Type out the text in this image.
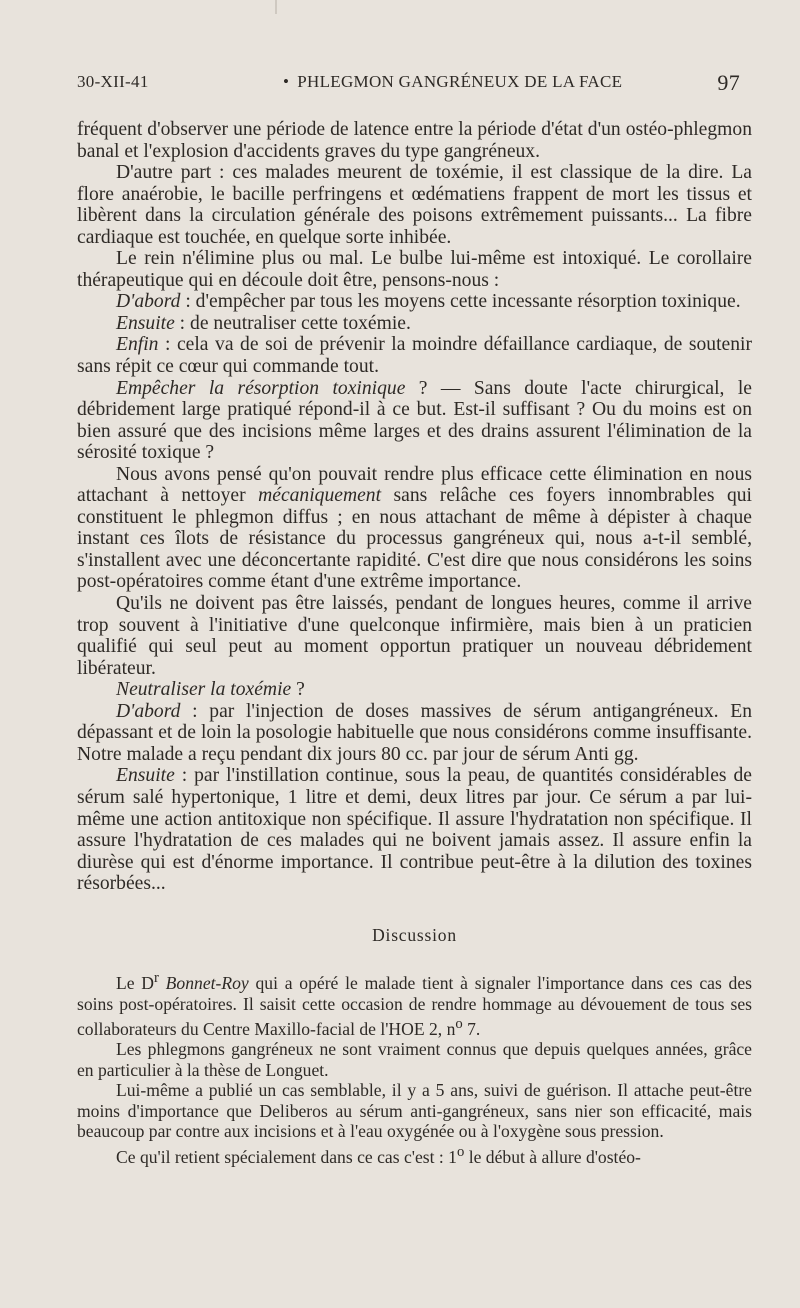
30-XII-41	• PHLEGMON GANGRÉNEUX DE LA FACE	97

fréquent d'observer une période de latence entre la période d'état d'un ostéo-phlegmon banal et l'explosion d'accidents graves du type gangréneux.

D'autre part : ces malades meurent de toxémie, il est classique de la dire. La flore anaérobie, le bacille perfringens et œdématiens frappent de mort les tissus et libèrent dans la circulation générale des poisons extrêmement puissants... La fibre cardiaque est touchée, en quelque sorte inhibée.

Le rein n'élimine plus ou mal. Le bulbe lui-même est intoxiqué. Le corollaire thérapeutique qui en découle doit être, pensons-nous :

D'abord : d'empêcher par tous les moyens cette incessante résorption toxinique.

Ensuite : de neutraliser cette toxémie.

Enfin : cela va de soi de prévenir la moindre défaillance cardiaque, de soutenir sans répit ce cœur qui commande tout.

Empêcher la résorption toxinique ? — Sans doute l'acte chirurgical, le débridement large pratiqué répond-il à ce but. Est-il suffisant ? Ou du moins est on bien assuré que des incisions même larges et des drains assurent l'élimination de la sérosité toxique ?

Nous avons pensé qu'on pouvait rendre plus efficace cette élimination en nous attachant à nettoyer mécaniquement sans relâche ces foyers innombrables qui constituent le phlegmon diffus ; en nous attachant de même à dépister à chaque instant ces îlots de résistance du processus gangréneux qui, nous a-t-il semblé, s'installent avec une déconcertante rapidité. C'est dire que nous considérons les soins post-opératoires comme étant d'une extrême importance.

Qu'ils ne doivent pas être laissés, pendant de longues heures, comme il arrive trop souvent à l'initiative d'une quelconque infirmière, mais bien à un praticien qualifié qui seul peut au moment opportun pratiquer un nouveau débridement libérateur.

Neutraliser la toxémie ?

D'abord : par l'injection de doses massives de sérum antigangréneux. En dépassant et de loin la posologie habituelle que nous considérons comme insuffisante. Notre malade a reçu pendant dix jours 80 cc. par jour de sérum Anti gg.

Ensuite : par l'instillation continue, sous la peau, de quantités considérables de sérum salé hypertonique, 1 litre et demi, deux litres par jour. Ce sérum a par lui-même une action antitoxique non spécifique. Il assure l'hydratation non spécifique. Il assure l'hydratation de ces malades qui ne boivent jamais assez. Il assure enfin la diurèse qui est d'énorme importance. Il contribue peut-être à la dilution des toxines résorbées...

Discussion

Le $D^r$ Bonnet-Roy qui a opéré le malade tient à signaler l'importance dans ces cas des soins post-opératoires. Il saisit cette occasion de rendre hommage au dévouement de tous ses collaborateurs du Centre Maxillo-facial de l'HOE 2, $n^o$ 7.

Les phlegmons gangréneux ne sont vraiment connus que depuis quelques années, grâce en particulier à la thèse de Longuet.

Lui-même a publié un cas semblable, il y a 5 ans, suivi de guérison. Il attache peut-être moins d'importance que Deliberos au sérum anti-gangréneux, sans nier son efficacité, mais beaucoup par contre aux incisions et à l'eau oxygénée ou à l'oxygène sous pression.

Ce qu'il retient spécialement dans ce cas c'est : 1$^o$ le début à allure d'ostéo-
